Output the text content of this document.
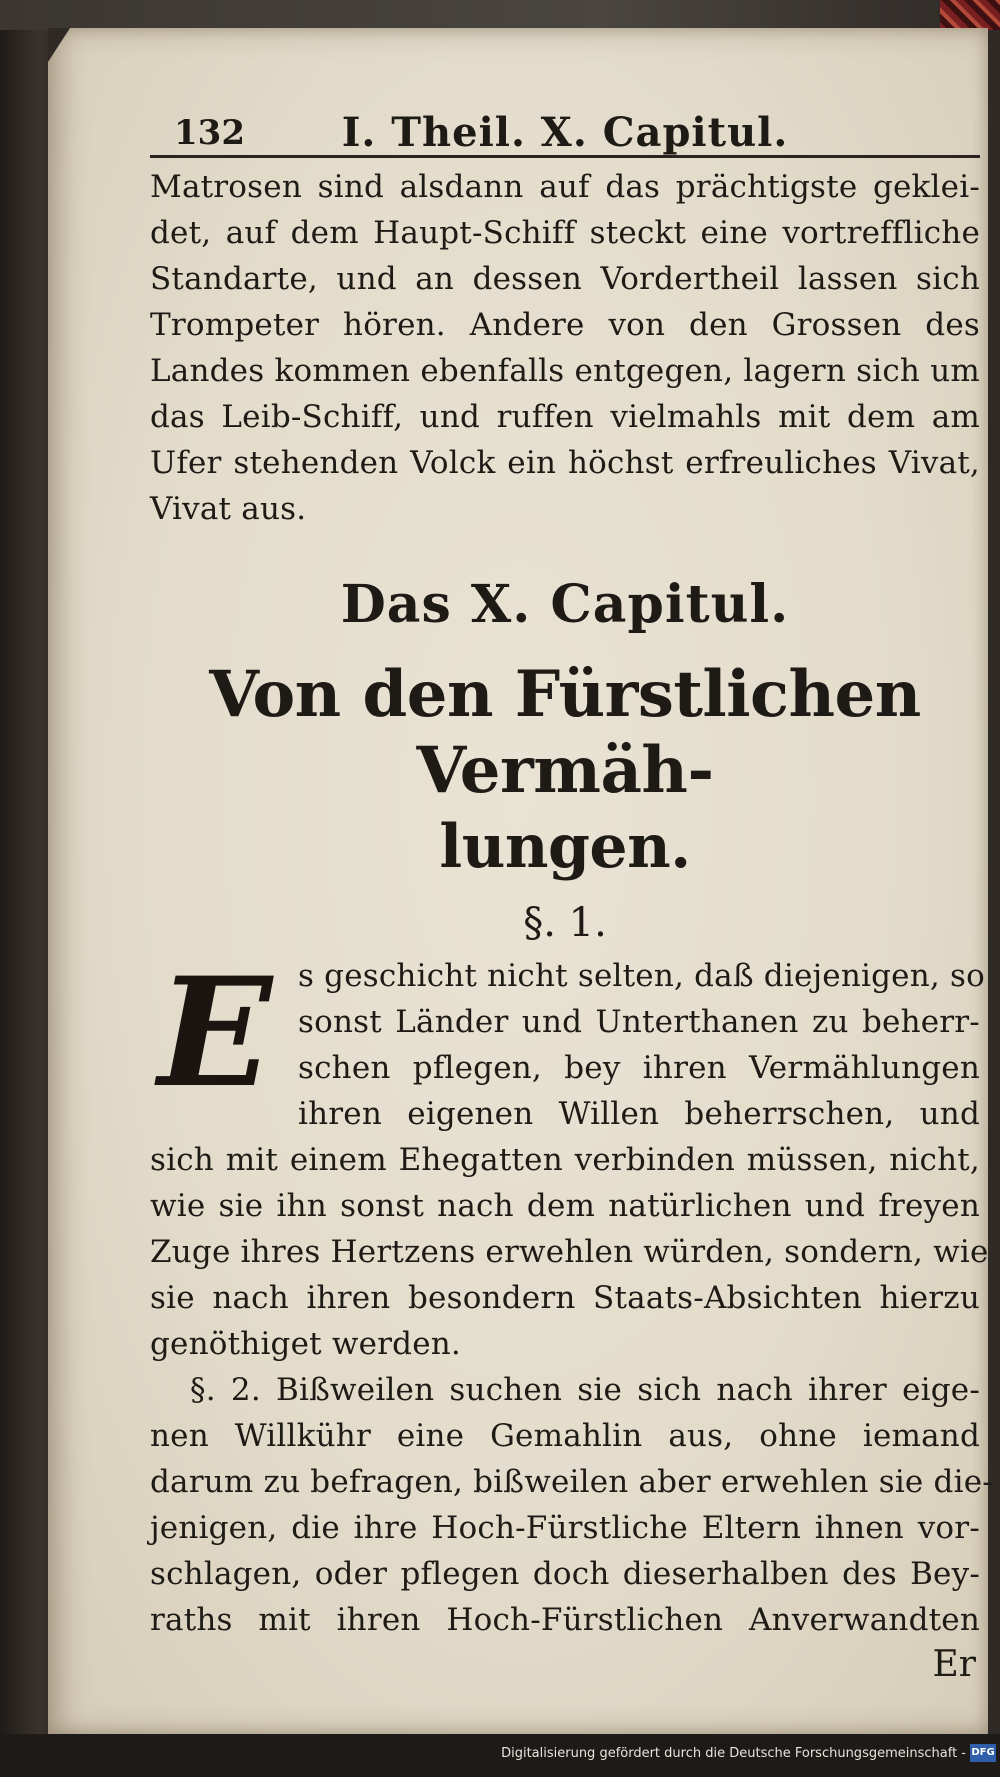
132	I. Theil. X. Capitul.
Matrosen sind alsdann auf das prächtigste geklei-
det, auf dem Haupt-Schiff steckt eine vortreffliche
Standarte, und an dessen Vordertheil lassen sich
Trompeter hören. Andere von den Grossen des
Landes kommen ebenfalls entgegen, lagern sich um
das Leib-Schiff, und ruffen vielmahls mit dem am
Ufer stehenden Volck ein höchst erfreuliches Vivat,
Vivat aus.
Das X. Capitul.
Von den Fürstlichen Vermäh-
lungen.
§. 1.
E s geschicht nicht selten, daß diejenigen, so
sonst Länder und Unterthanen zu beherr-
schen pflegen, bey ihren Vermählungen
ihren eigenen Willen beherrschen, und
sich mit einem Ehegatten verbinden müssen, nicht,
wie sie ihn sonst nach dem natürlichen und freyen
Zuge ihres Hertzens erwehlen würden, sondern, wie
sie nach ihren besondern Staats-Absichten hierzu
genöthiget werden.
§. 2. Bißweilen suchen sie sich nach ihrer eige-
nen Willkühr eine Gemahlin aus, ohne iemand
darum zu befragen, bißweilen aber erwehlen sie die-
jenigen, die ihre Hoch-Fürstliche Eltern ihnen vor-
schlagen, oder pflegen doch dieserhalben des Bey-
raths mit ihren Hoch-Fürstlichen Anverwandten
Er
Digitalisierung gefördert durch die Deutsche Forschungsgemeinschaft - DFG
